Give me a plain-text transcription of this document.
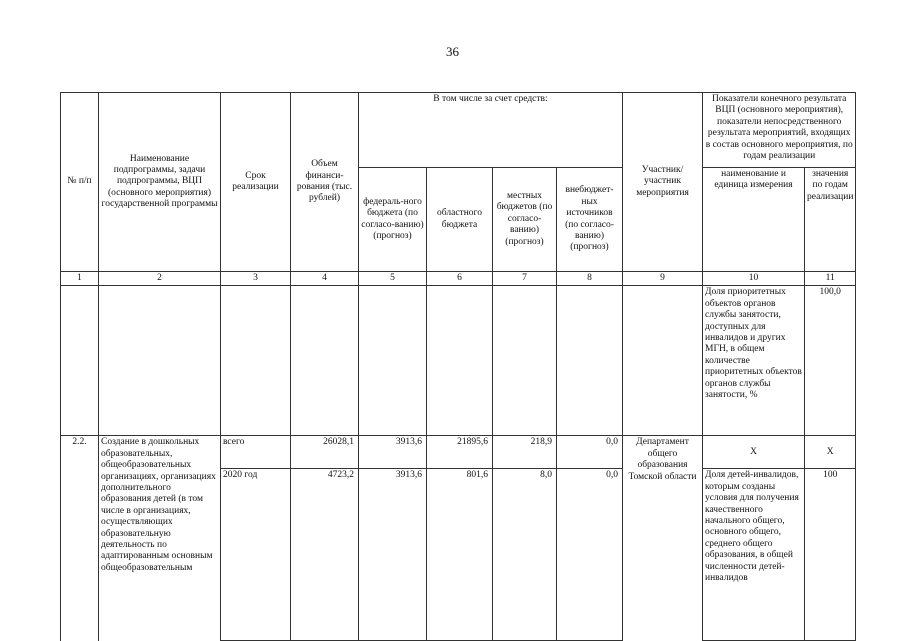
36
№ п/п	Наименование подпрограммы, задачи подпрограммы, ВЦП (основного мероприятия) государственной программы	Срок реализации	Объем финанси-рования (тыс. рублей)	В том числе за счет средств:				Участник/ участник мероприятия	Показатели конечного результата ВЦП (основного мероприятия), показатели непосредственного результата мероприятий, входящих в состав основного мероприятия, по годам реализации	
				федераль-ного бюджета (по согласо-ванию) (прогноз)	областного бюджета	местных бюджетов (по согласо-ванию) (прогноз)	внебюджет-ных источников (по согласо-ванию) (прогноз)		наименование и единица измерения	значения по годам реализации
1	2	3	4	5	6	7	8	9	10	11
									Доля приоритетных объектов органов службы занятости, доступных для инвалидов и других МГН, в общем количестве приоритетных объектов органов службы занятости, %	100,0
2.2.	Создание в дошкольных образовательных, общеобразовательных организациях, организациях дополнительного образования детей (в том числе в организациях, осуществляющих образовательную деятельность по адаптированным основным общеобразовательным	всего	26028,1	3913,6	21895,6	218,9	0,0	Департамент общего образования Томской области	Х	Х
		2020 год	4723,2	3913,6	801,6	8,0	0,0		Доля детей-инвалидов, которым созданы условия для получения качественного начального общего, основного общего, среднего общего образования, в общей численности детей-инвалидов	100
